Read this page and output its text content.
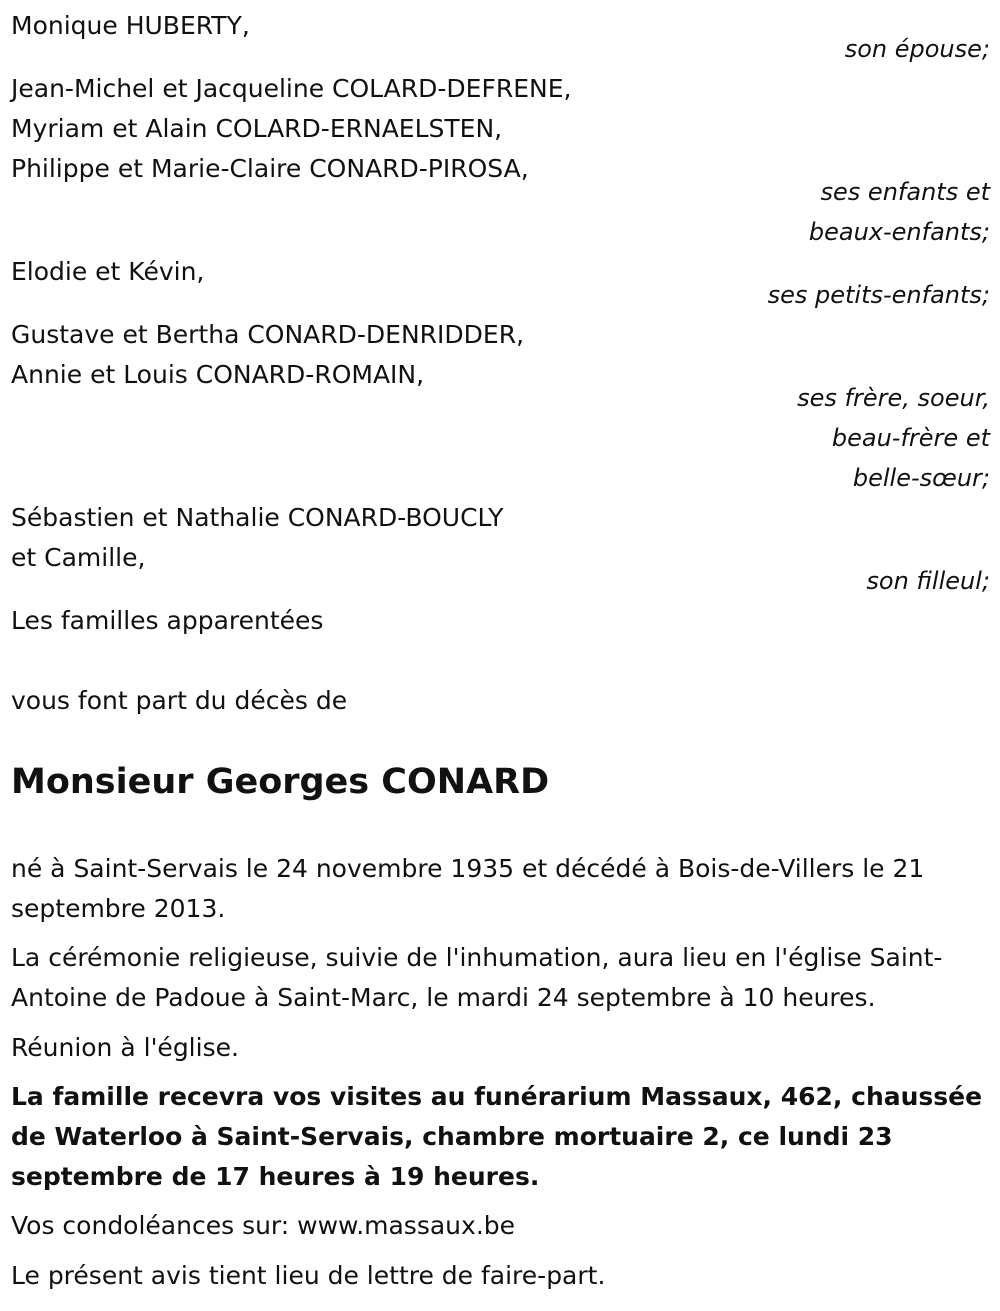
Monique HUBERTY,

son épouse;

Jean-Michel et Jacqueline COLARD-DEFRENE,

Myriam et Alain COLARD-ERNAELSTEN,

Philippe et Marie-Claire CONARD-PIROSA,

ses enfants et

beaux-enfants;

Elodie et Kévin,

ses petits-enfants;

Gustave et Bertha CONARD-DENRIDDER,

Annie et Louis CONARD-ROMAIN,

ses frère, soeur,

beau-frère et

belle-sœur;

Sébastien et Nathalie CONARD-BOUCLY

et Camille,

son filleul;

Les familles apparentées

vous font part du décès de

Monsieur Georges CONARD

né à Saint-Servais le 24 novembre 1935 et décédé à Bois-de-Villers le 21 septembre 2013.

La cérémonie religieuse, suivie de l'inhumation, aura lieu en l'église Saint-Antoine de Padoue à Saint-Marc, le mardi 24 septembre à 10 heures.

Réunion à l'église.

La famille recevra vos visites au funérarium Massaux, 462, chaussée de Waterloo à Saint-Servais, chambre mortuaire 2, ce lundi 23 septembre de 17 heures à 19 heures.

Vos condoléances sur: www.massaux.be

Le présent avis tient lieu de lettre de faire-part.
